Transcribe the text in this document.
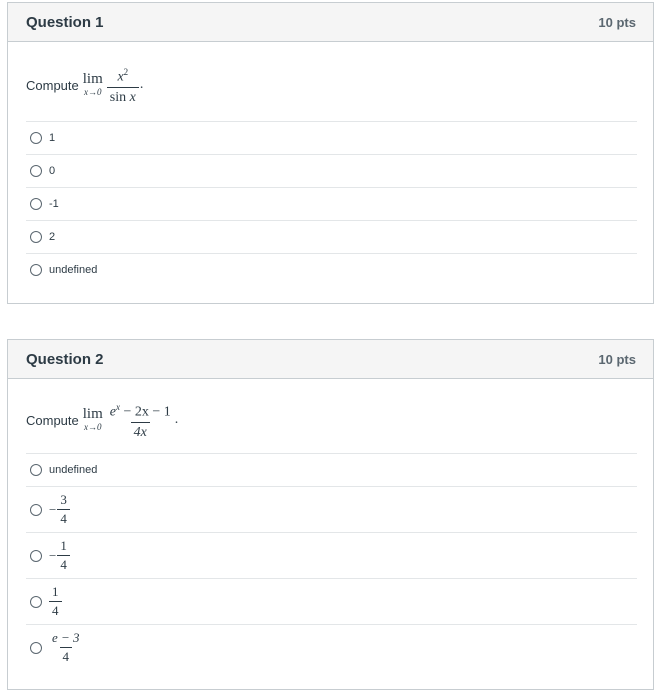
Question 1	10 pts
Compute lim
$x\to 0 \frac{x^2}{\text{sin x}}$ .
1
0
-1
2
undefined
Question 2	10 pts
Compute lim
$x\to 0 \frac{e^x - 2x - 1}{4x}$ .
undefined
− $\frac{3}{4}$
− $\frac{1}{4}$
$\frac{1}{4}$
$\frac{e - 3}{4}$
